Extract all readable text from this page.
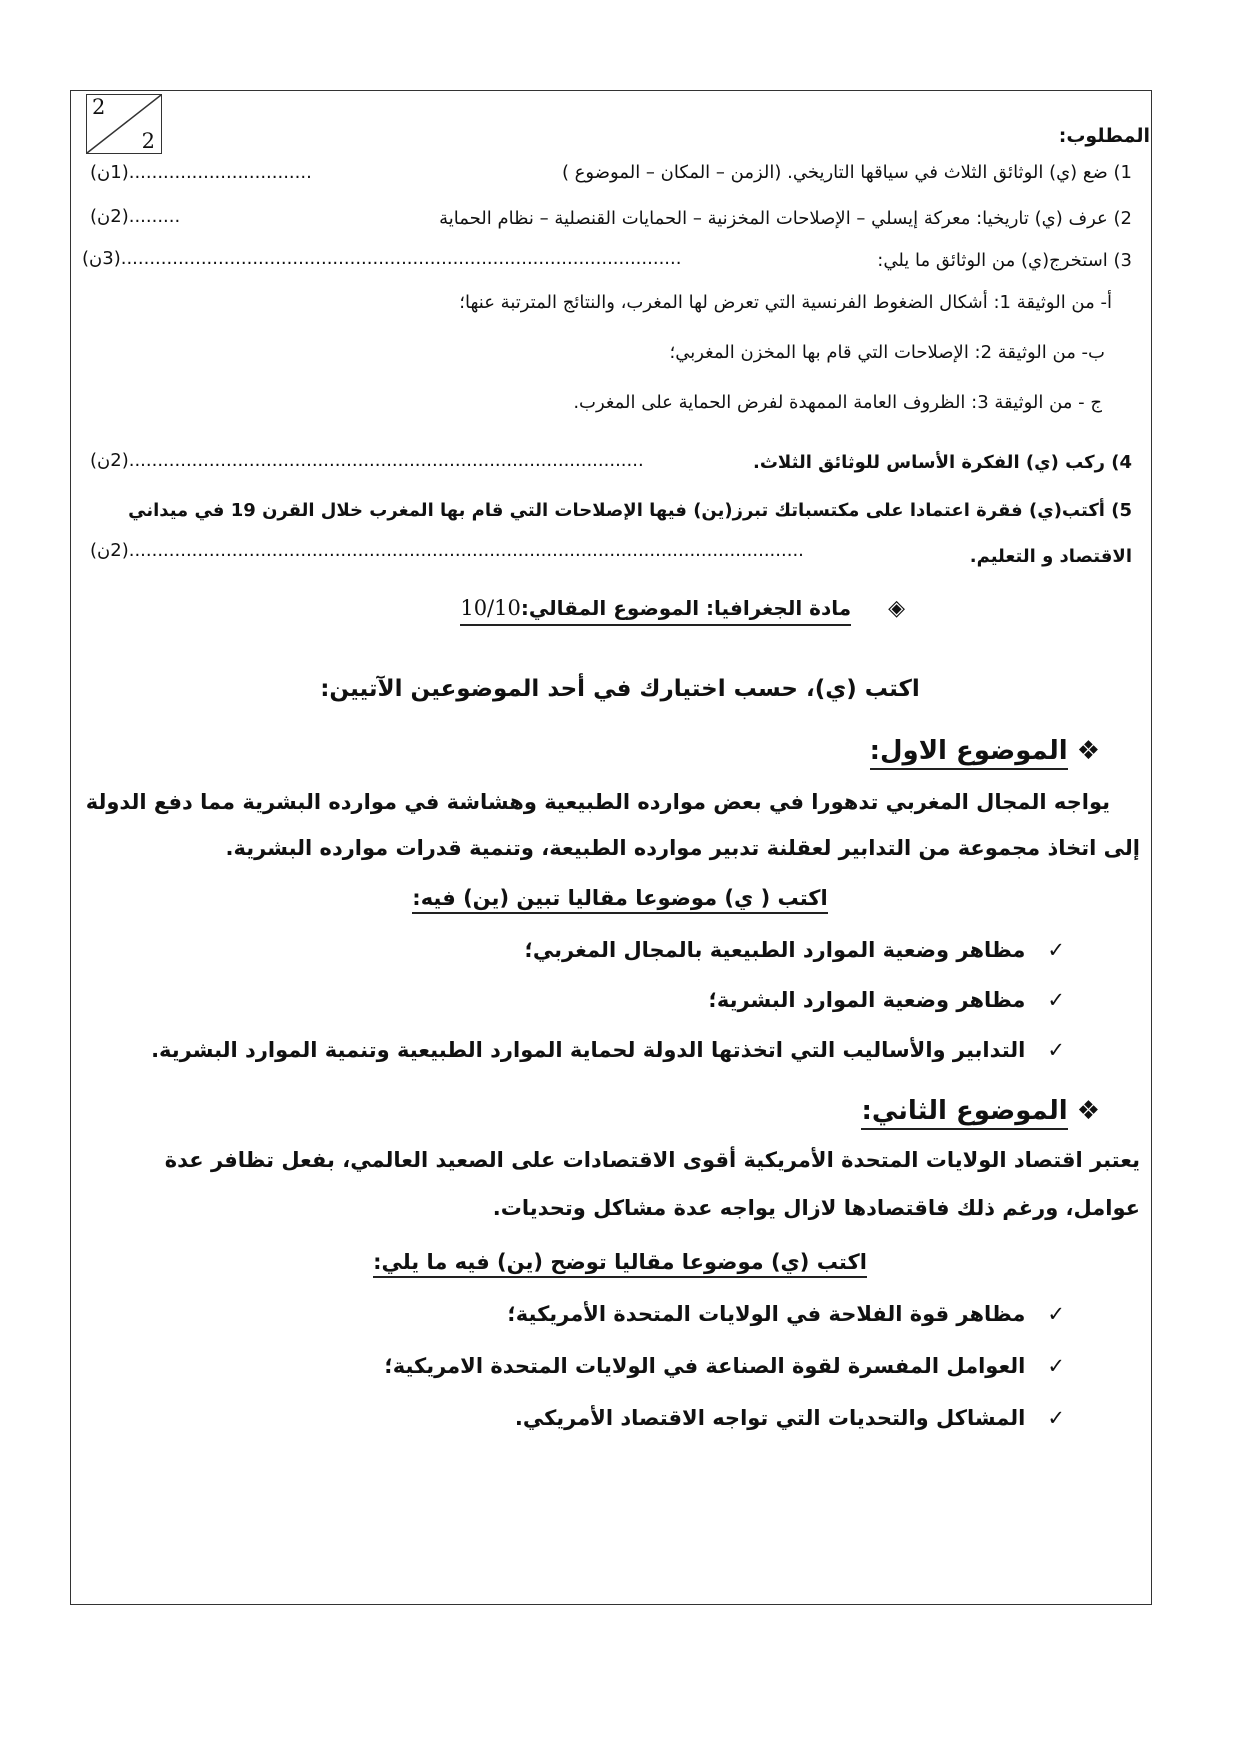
2
2	المطلوب:
1) ضع (ي) الوثائق الثلاث في سياقها التاريخي. (الزمن – المكان – الموضوع )
................................(1ن)
2) عرف (ي) تاريخيا: معركة إيسلي – الإصلاحات المخزنية – الحمايات القنصلية – نظام الحماية
.........(2ن)
3) استخرج(ي) من الوثائق ما يلي:
..................................................................................................(3ن)
أ- من الوثيقة 1: أشكال الضغوط الفرنسية التي تعرض لها المغرب، والنتائج المترتبة عنها؛
ب- من الوثيقة 2: الإصلاحات التي قام بها المخزن المغربي؛
ج - من الوثيقة 3: الظروف العامة الممهدة لفرض الحماية على المغرب.
4) ركب (ي) الفكرة الأساس للوثائق الثلاث.
..........................................................................................(2ن)
5) أكتب(ي) فقرة اعتمادا على مكتسباتك تبرز(ين) فيها الإصلاحات التي قام بها المغرب خلال القرن 19 في ميداني
الاقتصاد و التعليم.
......................................................................................................................(2ن)
◈ مادة الجغرافيا: الموضوع المقالي:10/10
اكتب (ي)، حسب اختيارك في أحد الموضوعين الآتيين:
❖ الموضوع الاول:
يواجه المجال المغربي تدهورا في بعض موارده الطبيعية وهشاشة في موارده البشرية مما دفع الدولة
إلى اتخاذ مجموعة من التدابير لعقلنة تدبير موارده الطبيعة، وتنمية قدرات موارده البشرية.
اكتب ( ي) موضوعا مقاليا تبين (ين) فيه:
✓مظاهر وضعية الموارد الطبيعية بالمجال المغربي؛
✓مظاهر وضعية الموارد البشرية؛
✓التدابير والأساليب التي اتخذتها الدولة لحماية الموارد الطبيعية وتنمية الموارد البشرية.
❖ الموضوع الثاني:
يعتبر اقتصاد الولايات المتحدة الأمريكية أقوى الاقتصادات على الصعيد العالمي، بفعل تظافر عدة
عوامل، ورغم ذلك فاقتصادها لازال يواجه عدة مشاكل وتحديات.
اكتب (ي) موضوعا مقاليا توضح (ين) فيه ما يلي:
✓مظاهر قوة الفلاحة في الولايات المتحدة الأمريكية؛
✓العوامل المفسرة لقوة الصناعة في الولايات المتحدة الامريكية؛
✓المشاكل والتحديات التي تواجه الاقتصاد الأمريكي.
